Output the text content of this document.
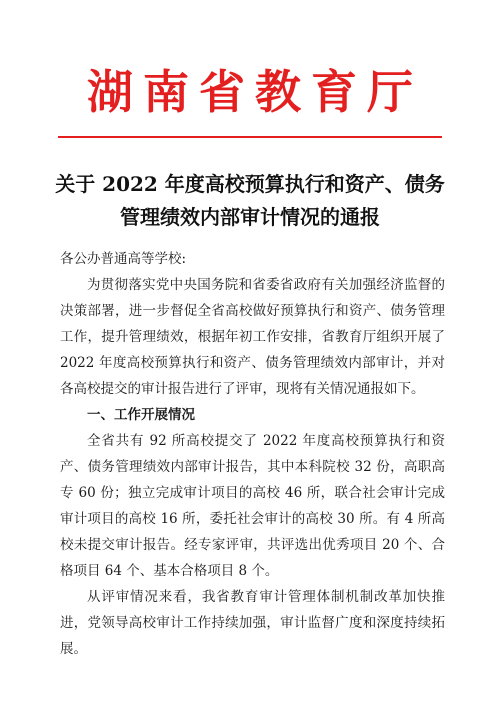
湖南省教育厅
关于 2022 年度高校预算执行和资产、债务
管理绩效内部审计情况的通报

各公办普通高等学校:

为贯彻落实党中央国务院和省委省政府有关加强经济监督的决策部署，进一步督促全省高校做好预算执行和资产、债务管理工作，提升管理绩效，根据年初工作安排，省教育厅组织开展了 2022 年度高校预算执行和资产、债务管理绩效内部审计，并对各高校提交的审计报告进行了评审，现将有关情况通报如下。

一、工作开展情况

全省共有 92 所高校提交了 2022 年度高校预算执行和资产、债务管理绩效内部审计报告，其中本科院校 32 份，高职高专 60 份；独立完成审计项目的高校 46 所，联合社会审计完成审计项目的高校 16 所，委托社会审计的高校 30 所。有 4 所高校未提交审计报告。经专家评审，共评选出优秀项目 20 个、合格项目 64 个、基本合格项目 8 个。

从评审情况来看，我省教育审计管理体制机制改革加快推进，党领导高校审计工作持续加强，审计监督广度和深度持续拓展。
